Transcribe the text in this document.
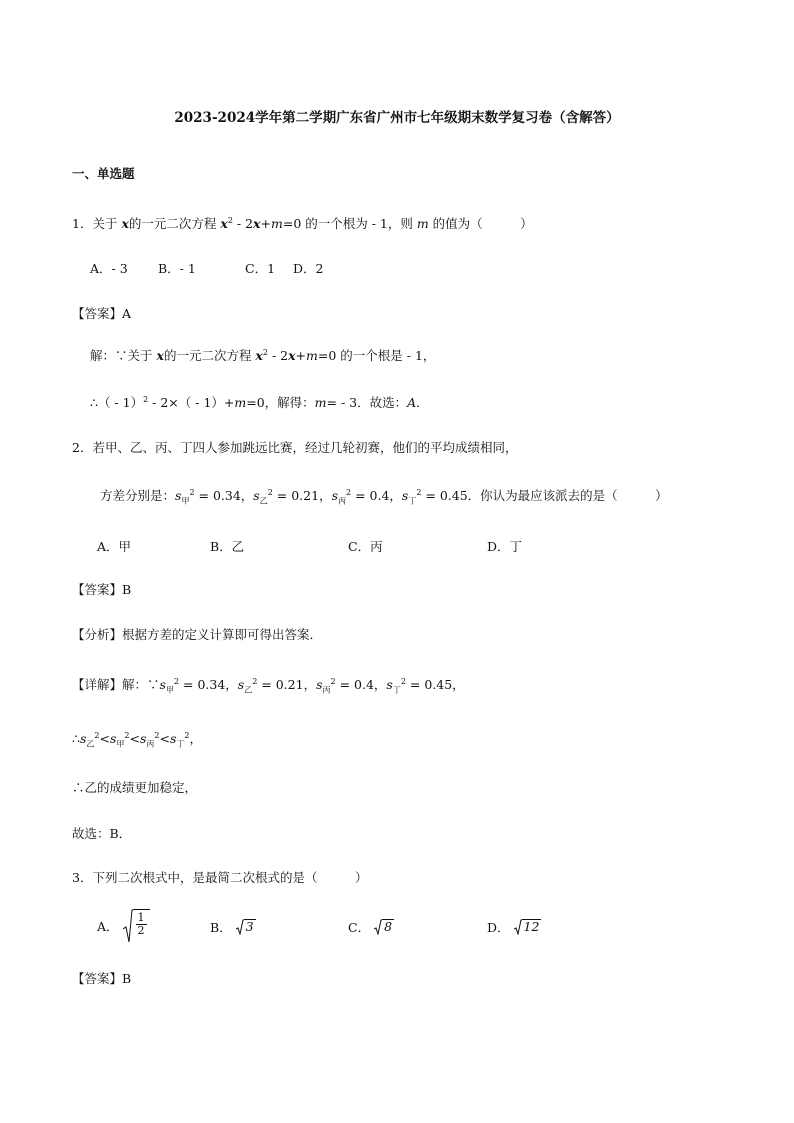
2023-2024学年第二学期广东省广州市七年级期末数学复习卷（含解答）
一、单选题
1．关于 x的一元二次方程 $x^2 - 2x+m=0$ 的一个根为 - 1，则 m 的值为（　　　）
A．- 3 B．- 1	C．1 D．2
【答案】A
解：∵关于 x的一元二次方程 $x^2 - 2x+m=0$ 的一个根是 - 1，
∴（ - 1）$^2$ - 2×（ - 1）+m=0，解得：m= - 3．故选：A．
2．若甲、乙、丙、丁四人参加跳远比赛，经过几轮初赛，他们的平均成绩相同，
方差分别是：$s_甲^2 = 0.34$，$s_乙^2 = 0.21$，$s_丙^2 = 0.4$，$s_丁^2 = 0.45$．你认为最应该派去的是（　　　）
A．甲	B．乙	C．丙	D．丁
【答案】B
【分析】根据方差的定义计算即可得出答案．
【详解】解：$\because s_甲^2 = 0.34$，$s_乙^2 = 0.21$，$s_丙^2 = 0.4$，$s_丁^2 = 0.45$，
$\therefore s_乙^2<s_甲^2<s_丙^2<s_丁^2$，
∴乙的成绩更加稳定，
故选：B．
3．下列二次根式中，是最简二次根式的是（　　　）
A． $\frac{1}{2}$	B． 3	C． 8	D． 12
【答案】B
